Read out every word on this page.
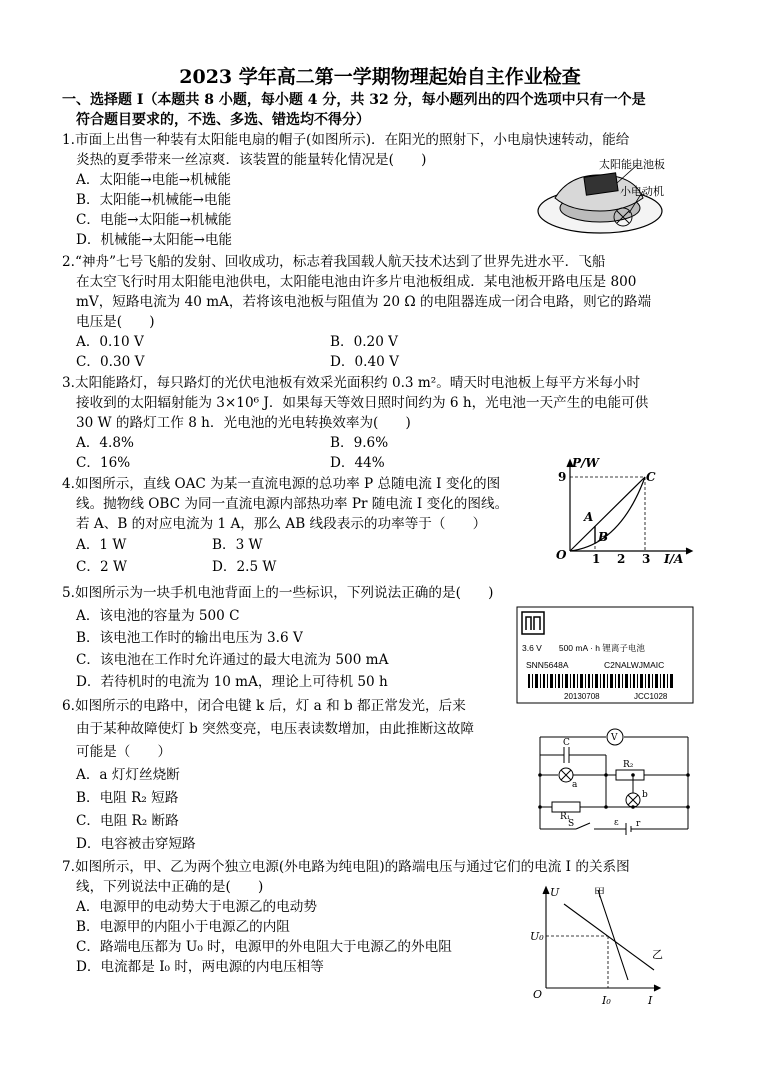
2023 学年高二第一学期物理起始自主作业检查
一、选择题 I（本题共 8 小题，每小题 4 分，共 32 分，每小题列出的四个选项中只有一个是
符合题目要求的，不选、多选、错选均不得分）
1.市面上出售一种装有太阳能电扇的帽子(如图所示)．在阳光的照射下，小电扇快速转动，能给
炎热的夏季带来一丝凉爽．该装置的能量转化情况是(　　)
A．太阳能→电能→机械能
B．太阳能→机械能→电能
C．电能→太阳能→机械能
D．机械能→太阳能→电能
太阳能电池板
小电动机
2.“神舟”七号飞船的发射、回收成功，标志着我国载人航天技术达到了世界先进水平．飞船
在太空飞行时用太阳能电池供电，太阳能电池由许多片电池板组成．某电池板开路电压是 800
mV，短路电流为 40 mA，若将该电池板与阻值为 20 Ω 的电阻器连成一闭合电路，则它的路端
电压是(　　)
A．0.10 V	B．0.20 V
C．0.30 V	D．0.40 V
3.太阳能路灯，每只路灯的光伏电池板有效采光面积约 0.3 m²。晴天时电池板上每平方米每小时
接收到的太阳辐射能为 3×10⁶ J．如果每天等效日照时间约为 6 h，光电池一天产生的电能可供
30 W 的路灯工作 8 h．光电池的光电转换效率为(　　)
A．4.8%	B．9.6%
C．16%	D．44%
4.如图所示，直线 OAC 为某一直流电源的总功率 P 总随电流 I 变化的图
线。抛物线 OBC 为同一直流电源内部热功率 Pr 随电流 I 变化的图线。
若 A、B 的对应电流为 1 A，那么 AB 线段表示的功率等于（　　）
A．1 W	B．3 W
C．2 W	D．2.5 W
P/W
I/A
9
O 1 2 3
A
B
C
5.如图所示为一块手机电池背面上的一些标识，下列说法正确的是(　　)
A．该电池的容量为 500 C
B．该电池工作时的输出电压为 3.6 V
C．该电池在工作时允许通过的最大电流为 500 mA
D．若待机时的电流为 10 mA，理论上可待机 50 h
3.6 V　　500 mA · h 锂离子电池
SNN5648A	C2NALWJMAIC
20130708	JCC1028
6.如图所示的电路中，闭合电键 k 后，灯 a 和 b 都正常发光，后来
由于某种故障使灯 b 突然变亮，电压表读数增加，由此推断这故障
可能是（　　）
A．a 灯灯丝烧断
B．电阻 R₂ 短路
C．电阻 R₂ 断路
D．电容被击穿短路
V
C
a
R₂
b
R₁
S	ε r
7.如图所示，甲、乙为两个独立电源(外电路为纯电阻)的路端电压与通过它们的电流 I 的关系图
线，下列说法中正确的是(　　)
A．电源甲的电动势大于电源乙的电动势
B．电源甲的内阻小于电源乙的内阻
C．路端电压都为 U₀ 时，电源甲的外电阻大于电源乙的外电阻
D．电流都是 I₀ 时，两电源的内电压相等
U
I
O
U₀
I₀
甲
乙
